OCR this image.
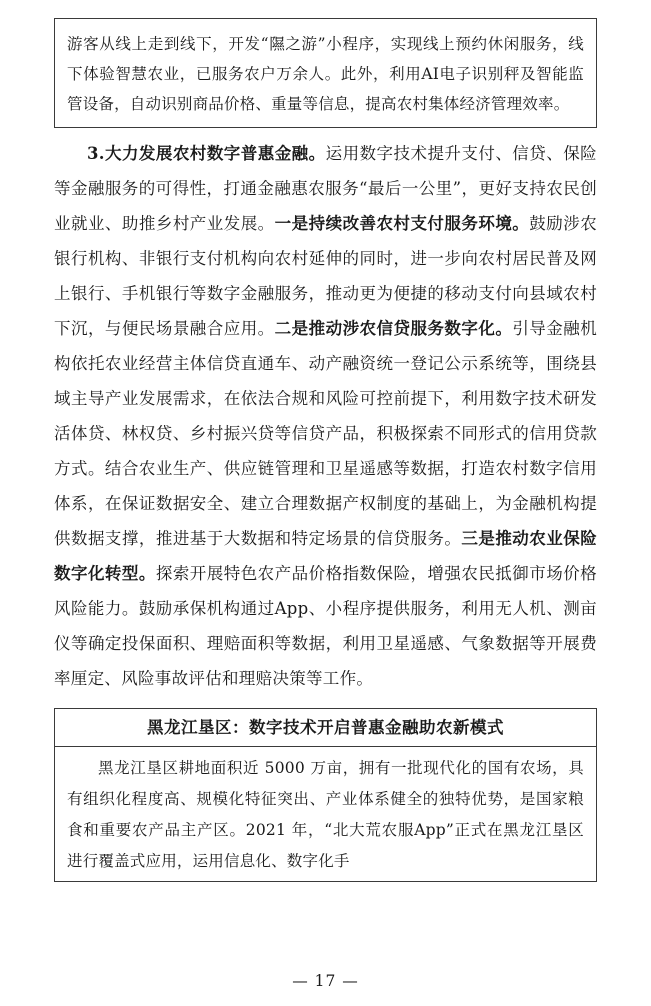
游客从线上走到线下，开发“隰之游”小程序，实现线上预约休闲服务，线下体验智慧农业，已服务农户万余人。此外，利用AI电子识别秤及智能监管设备，自动识别商品价格、重量等信息，提高农村集体经济管理效率。

3.大力发展农村数字普惠金融。运用数字技术提升支付、信贷、保险等金融服务的可得性，打通金融惠农服务“最后一公里”，更好支持农民创业就业、助推乡村产业发展。一是持续改善农村支付服务环境。鼓励涉农银行机构、非银行支付机构向农村延伸的同时，进一步向农村居民普及网上银行、手机银行等数字金融服务，推动更为便捷的移动支付向县域农村下沉，与便民场景融合应用。二是推动涉农信贷服务数字化。引导金融机构依托农业经营主体信贷直通车、动产融资统一登记公示系统等，围绕县域主导产业发展需求，在依法合规和风险可控前提下，利用数字技术研发活体贷、林权贷、乡村振兴贷等信贷产品，积极探索不同形式的信用贷款方式。结合农业生产、供应链管理和卫星遥感等数据，打造农村数字信用体系，在保证数据安全、建立合理数据产权制度的基础上，为金融机构提供数据支撑，推进基于大数据和特定场景的信贷服务。三是推动农业保险数字化转型。探索开展特色农产品价格指数保险，增强农民抵御市场价格风险能力。鼓励承保机构通过App、小程序提供服务，利用无人机、测亩仪等确定投保面积、理赔面积等数据，利用卫星遥感、气象数据等开展费率厘定、风险事故评估和理赔决策等工作。

黑龙江垦区：数字技术开启普惠金融助农新模式

黑龙江垦区耕地面积近 5000 万亩，拥有一批现代化的国有农场，具有组织化程度高、规模化特征突出、产业体系健全的独特优势，是国家粮食和重要农产品主产区。2021 年，“北大荒农服App”正式在黑龙江垦区进行覆盖式应用，运用信息化、数字化手

— 17 —
